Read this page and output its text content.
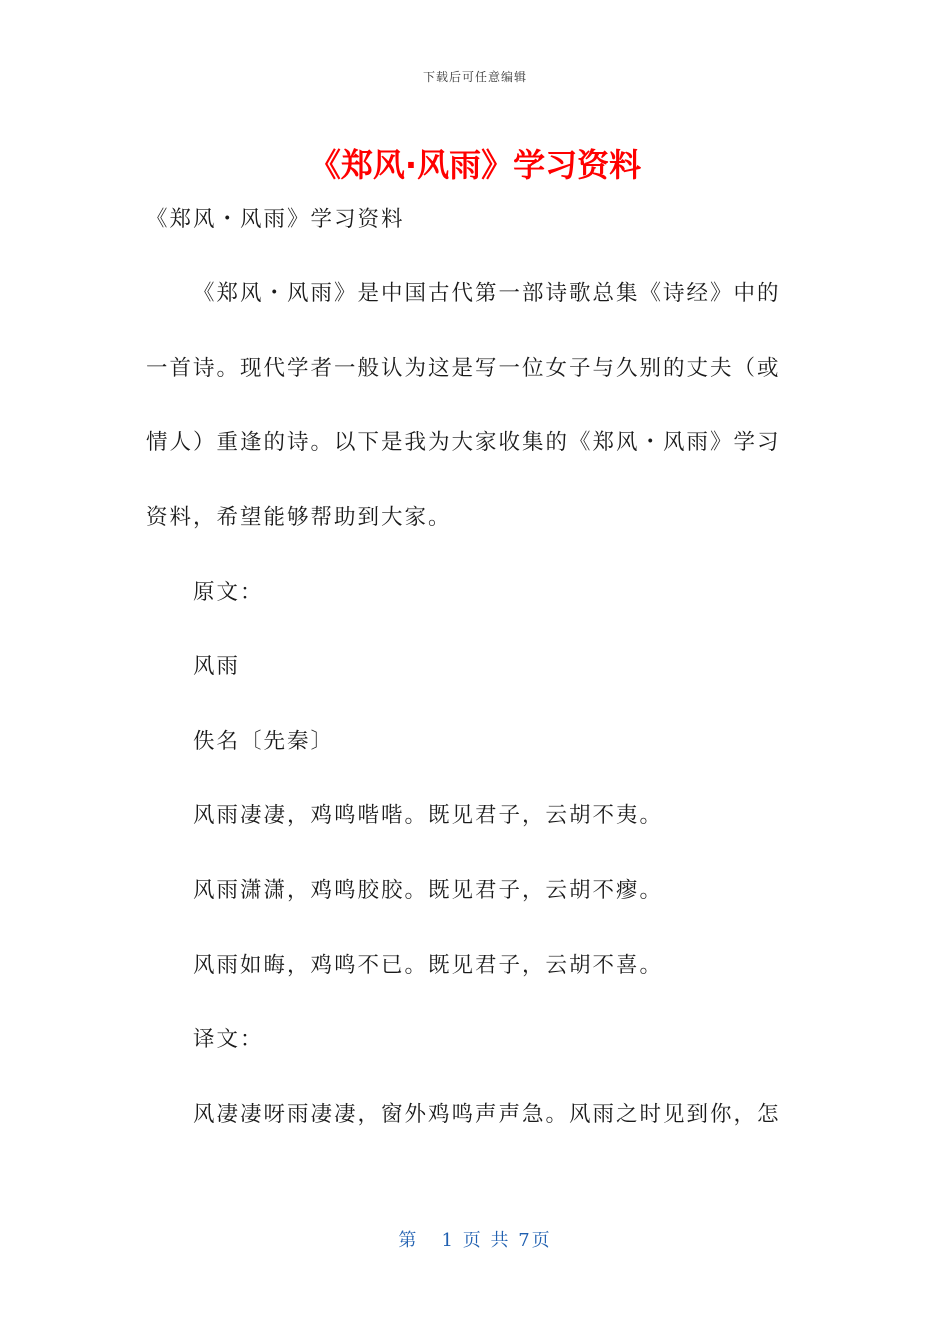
下载后可任意编辑
《郑风·风雨》学习资料
《郑风・风雨》学习资料
《郑风・风雨》是中国古代第一部诗歌总集《诗经》中的
一首诗。现代学者一般认为这是写一位女子与久别的丈夫（或
情人）重逢的诗。以下是我为大家收集的《郑风・风雨》学习
资料，希望能够帮助到大家。
原文：
风雨
佚名〔先秦〕
风雨凄凄，鸡鸣喈喈。既见君子，云胡不夷。
风雨潇潇，鸡鸣胶胶。既见君子，云胡不瘳。
风雨如晦，鸡鸣不已。既见君子，云胡不喜。
译文：
风凄凄呀雨凄凄，窗外鸡鸣声声急。风雨之时见到你，怎
第 1 页 共 7页
